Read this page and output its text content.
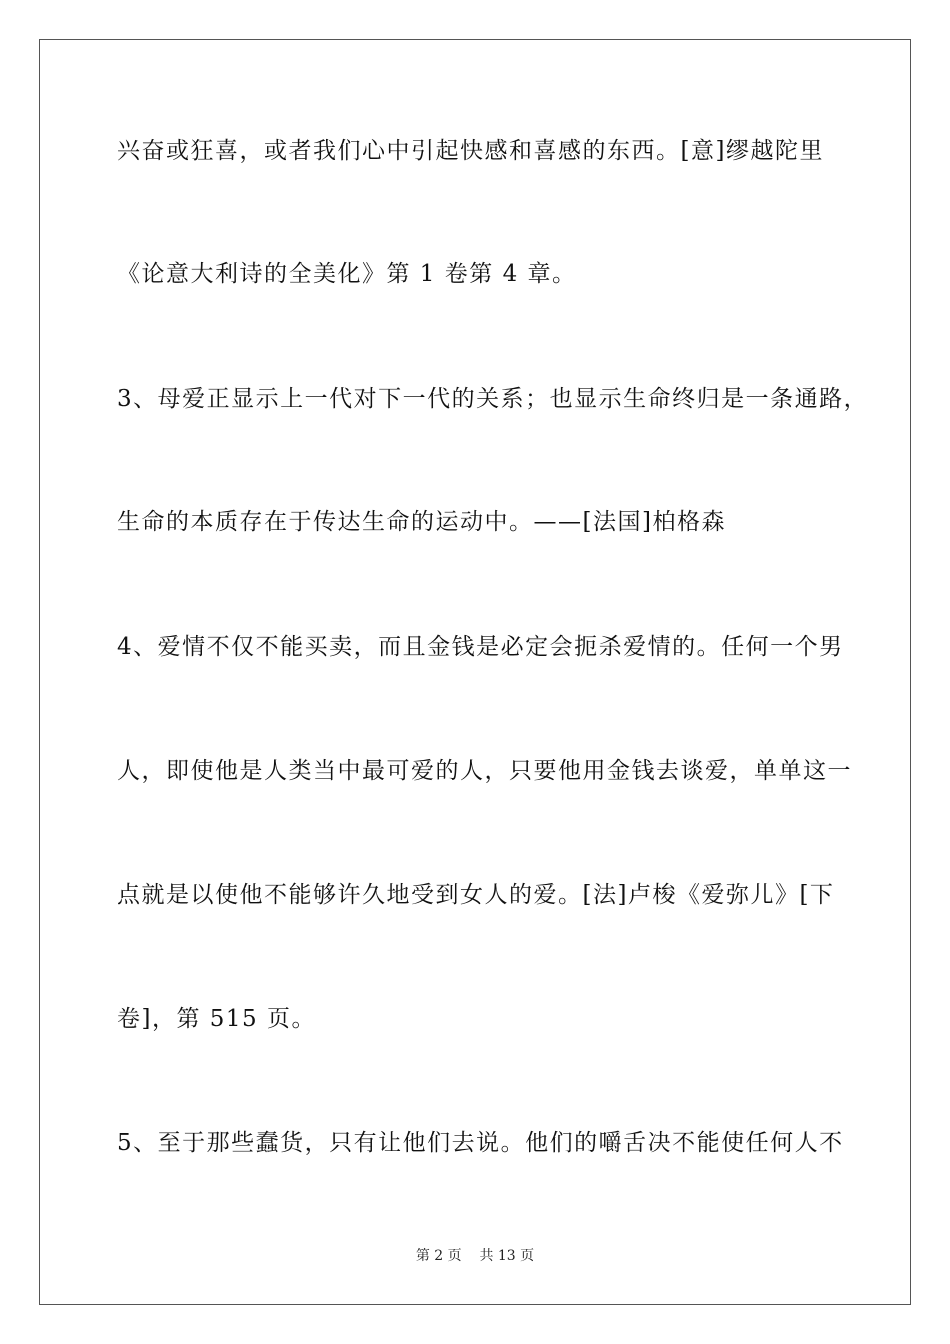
兴奋或狂喜，或者我们心中引起快感和喜感的东西。[意]缪越陀里
《论意大利诗的全美化》第 1 卷第 4 章。
3、母爱正显示上一代对下一代的关系；也显示生命终归是一条通路，
生命的本质存在于传达生命的运动中。——[法国]柏格森
4、爱情不仅不能买卖，而且金钱是必定会扼杀爱情的。任何一个男
人，即使他是人类当中最可爱的人，只要他用金钱去谈爱，单单这一
点就是以使他不能够许久地受到女人的爱。[法]卢梭《爱弥儿》[下
卷]，第 515 页。
5、至于那些蠢货，只有让他们去说。他们的嚼舌决不能使任何人不
第 2 页 共 13 页
